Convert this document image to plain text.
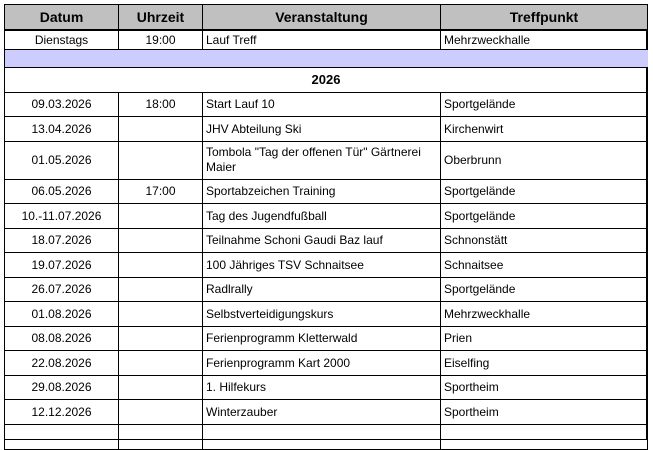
Datum	Uhrzeit	Veranstaltung	Treffpunkt
Dienstags	19:00	Lauf Treff	Mehrzweckhalle

2026			
09.03.2026	18:00	Start Lauf 10	Sportgelände
13.04.2026		JHV Abteilung Ski	Kirchenwirt
01.05.2026		Tombola "Tag der offenen Tür" Gärtnerei Maier	Oberbrunn
06.05.2026	17:00	Sportabzeichen Training	Sportgelände
10.-11.07.2026		Tag des Jugendfußball	Sportgelände
18.07.2026		Teilnahme Schoni Gaudi Baz lauf	Schnonstätt
19.07.2026		100 Jähriges TSV Schnaitsee	Schnaitsee
26.07.2026		Radlrally	Sportgelände
01.08.2026		Selbstverteidigungskurs	Mehrzweckhalle
08.08.2026		Ferienprogramm Kletterwald	Prien
22.08.2026		Ferienprogramm Kart 2000	Eiselfing
29.08.2026		1. Hilfekurs	Sportheim
12.12.2026		Winterzauber	Sportheim
